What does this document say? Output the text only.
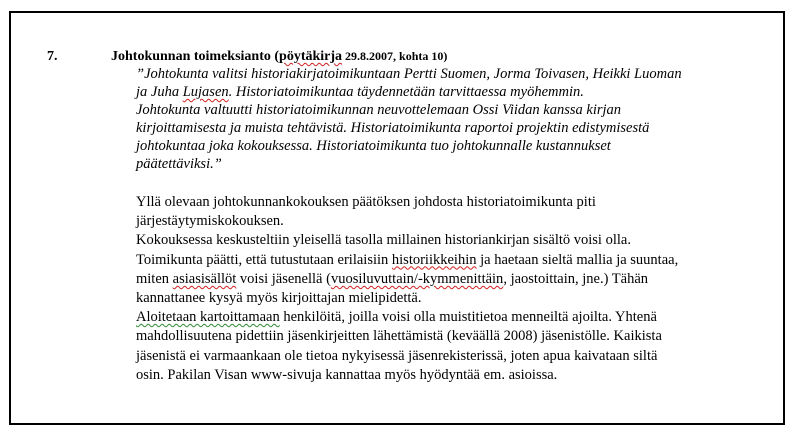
7.	Johtokunnan toimeksianto (pöytäkirja 29.8.2007, kohta 10)

”Johtokunta valitsi historiakirjatoimikuntaan Pertti Suomen, Jorma Toivasen, Heikki Luoman
ja Juha Lujasen. Historiatoimikuntaa täydennetään tarvittaessa myöhemmin.
Johtokunta valtuutti historiatoimikunnan neuvottelemaan Ossi Viidan kanssa kirjan
kirjoittamisesta ja muista tehtävistä. Historiatoimikunta raportoi projektin edistymisestä
johtokuntaa joka kokouksessa. Historiatoimikunta tuo johtokunnalle kustannukset
päätettäviksi.”
Yllä olevaan johtokunnankokouksen päätöksen johdosta historiatoimikunta piti
järjestäytymiskokouksen.
Kokouksessa keskusteltiin yleisellä tasolla millainen historiankirjan sisältö voisi olla.
Toimikunta päätti, että tutustutaan erilaisiin historiikkeihin ja haetaan sieltä mallia ja suuntaa,
miten asiasisällöt voisi jäsenellä (vuosiluvuttain/-kymmenittäin, jaostoittain, jne.) Tähän
kannattanee kysyä myös kirjoittajan mielipidettä.
Aloitetaan kartoittamaan henkilöitä, joilla voisi olla muistitietoa menneiltä ajoilta. Yhtenä
mahdollisuutena pidettiin jäsenkirjeitten lähettämistä (keväällä 2008) jäsenistölle. Kaikista
jäsenistä ei varmaankaan ole tietoa nykyisessä jäsenrekisterissä, joten apua kaivataan siltä
osin. Pakilan Visan www-sivuja kannattaa myös hyödyntää em. asioissa.
